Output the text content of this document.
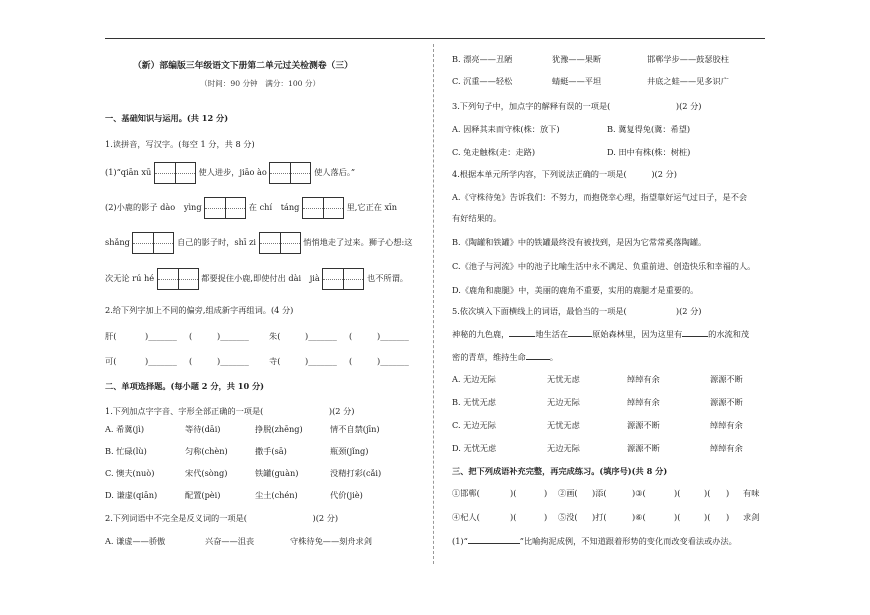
（新）部编版三年级语文下册第二单元过关检测卷（三）
（时间：90 分钟　满分：100 分）
一、基础知识与运用。(共 12 分)
1.读拼音，写汉字。(每空 1 分，共 8 分)
(1)“qiān xū	使人进步，jiāo ào	使人落后。”
(2)小鹿的影子 dào yìng	在 chí táng	里,它正在 xīn
shǎng	自己的影子时，shī zi	悄悄地走了过来。狮子心想:这
次无论 rú hé	都要捉住小鹿,即使付出 dài jià	也不所谓。
2.给下列字加上不同的偏旁,组成新字再组词。(4 分)
肝(	)_______ (	)_______ 朱(	)_______ (	)_______
可(	)_______ (	)_______ 寺(	)_______ (	)_______
二、单项选择题。(每小题 2 分，共 10 分)
1.下列加点字字音、字形全部正确的一项是(　　　　　　　　)(2 分)
A. 希冀(jì)	等待(dāi)	挣脱(zhēng)	情不自禁(jīn)
B. 忙碌(lù)	匀称(chèn)	撒手(sā)	瓶颈(jǐng)
C. 懊夫(nuò)	宋代(sòng)	铁罐(guàn)	没精打彩(cǎi)
D. 谦虚(qiān)	配置(pèi)	尘土(chén)	代价(jiè)
2.下列词语中不完全是反义词的一项是(　　　　　　　　)(2 分)
A. 谦虚——骄傲	兴奋——沮丧	守株待兔——刻舟求剑
B. 漂亮——丑陋	犹豫——果断	邯郸学步——鼓瑟胶柱
C. 沉重——轻松	蜻蜓——平坦	井底之蛙——见多识广
3.下列句子中，加点字的解释有误的一项是(　　　　　　　　)(2 分)
A. 因释其耒而守株(株：放下)	B. 冀复得兔(冀：希望)
C. 兔走触株(走：走路)	D. 田中有株(株：树桩)
4.根据本单元所学内容，下列说法正确的一项是(　　　)(2 分)
A.《守株待兔》告诉我们：不努力，而抱侥幸心理，指望靠好运气过日子，是不会
有好结果的。
B.《陶罐和铁罐》中的铁罐最终没有被找到，是因为它常常奚落陶罐。
C.《池子与河流》中的池子比喻生活中永不满足、负重前进、创造快乐和幸福的人。
D.《鹿角和鹿腿》中，美丽的鹿角不重要，实用的鹿腿才是重要的。
5.依次填入下面横线上的词语，最恰当的一项是(　　　　　　)(2 分)
神秘的九色鹿，	地生活在	原始森林里，因为这里有	的水流和茂
密的青草，维持生命	。
A. 无边无际	无忧无虑	绰绰有余	源源不断
B. 无忧无虑	无边无际	绰绰有余	源源不断
C. 无边无际	无忧无虑	源源不断	绰绰有余
D. 无忧无虑	无边无际	源源不断	绰绰有余
三、把下列成语补充完整，再完成练习。(填序号)(共 8 分)
①邯郸(	)(	) ②画( )添(	)③(	)(	)( ) 有味
④杞人(	)(	) ⑤没( )打(	)⑥(	)(	)( ) 求剑
(1)“	”比喻拘泥成例，不知道跟着形势的变化而改变看法或办法。
